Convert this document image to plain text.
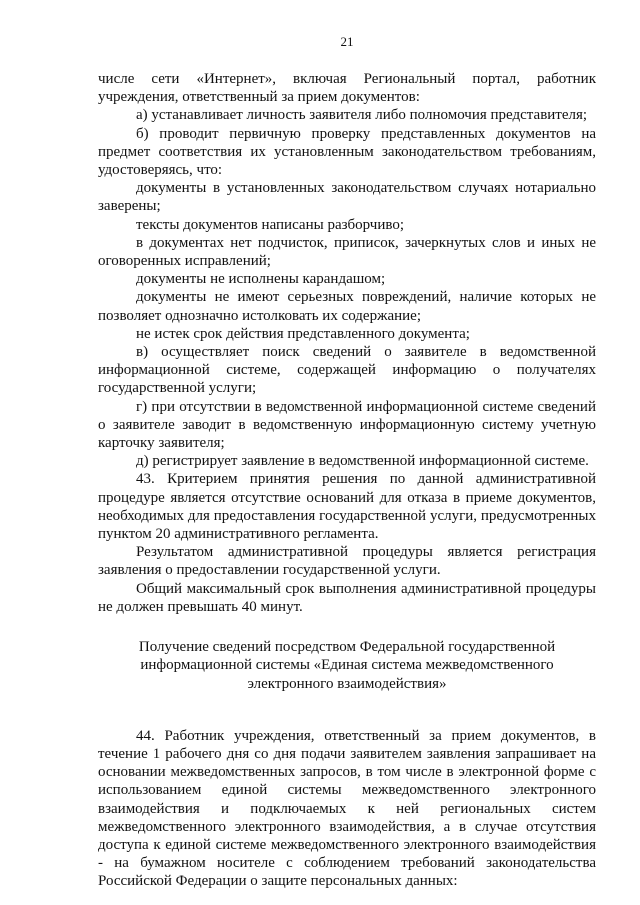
21

числе сети «Интернет», включая Региональный портал, работник учреждения, ответственный за прием документов:

а) устанавливает личность заявителя либо полномочия представителя;

б) проводит первичную проверку представленных документов на предмет соответствия их установленным законодательством требованиям, удостоверяясь, что:

документы в установленных законодательством случаях нотариально заверены;

тексты документов написаны разборчиво;

в документах нет подчисток, приписок, зачеркнутых слов и иных не оговоренных исправлений;

документы не исполнены карандашом;

документы не имеют серьезных повреждений, наличие которых не позволяет однозначно истолковать их содержание;

не истек срок действия представленного документа;

в) осуществляет поиск сведений о заявителе в ведомственной информационной системе, содержащей информацию о получателях государственной услуги;

г) при отсутствии в ведомственной информационной системе сведений о заявителе заводит в ведомственную информационную систему учетную карточку заявителя;

д) регистрирует заявление в ведомственной информационной системе.

43. Критерием принятия решения по данной административной процедуре является отсутствие оснований для отказа в приеме документов, необходимых для предоставления государственной услуги, предусмотренных пунктом 20 административного регламента.

Результатом административной процедуры является регистрация заявления о предоставлении государственной услуги.

Общий максимальный срок выполнения административной процедуры не должен превышать 40 минут.

Получение сведений посредством Федеральной государственной
информационной системы «Единая система межведомственного
электронного взаимодействия»

44. Работник учреждения, ответственный за прием документов, в течение 1 рабочего дня со дня подачи заявителем заявления запрашивает на основании межведомственных запросов, в том числе в электронной форме с использованием единой системы межведомственного электронного взаимодействия и подключаемых к ней региональных систем межведомственного электронного взаимодействия, а в случае отсутствия доступа к единой системе межведомственного электронного взаимодействия - на бумажном носителе с соблюдением требований законодательства Российской Федерации о защите персональных данных:
